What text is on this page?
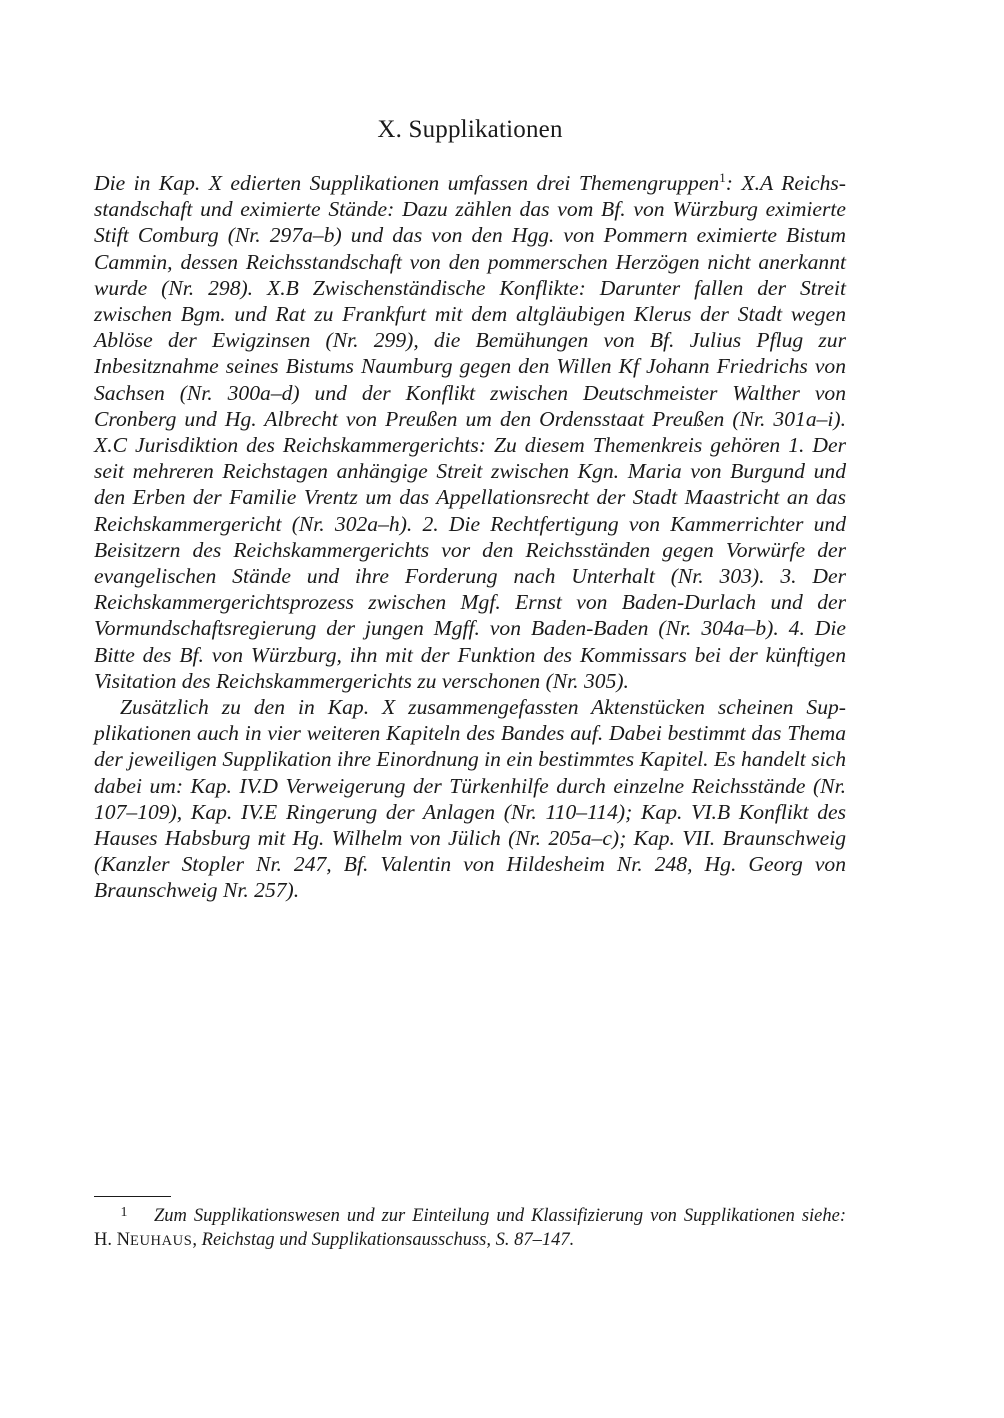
X. Supplikationen

Die in Kap. X edierten Supplikationen umfassen drei Themengruppen$^1$: X.A Reichsstandschaft und eximierte Stände: Dazu zählen das vom Bf. von Würzburg eximierte Stift Comburg (Nr. 297a–b) und das von den Hgg. von Pommern eximierte Bistum Cammin, dessen Reichsstandschaft von den pommerschen Herzögen nicht anerkannt wurde (Nr. 298). X.B Zwischenständische Konflikte: Darunter fallen der Streit zwischen Bgm. und Rat zu Frankfurt mit dem altgläubigen Klerus der Stadt wegen Ablöse der Ewigzinsen (Nr. 299), die Bemühungen von Bf. Julius Pflug zur Inbesitznahme seines Bistums Naumburg gegen den Willen Kf Johann Friedrichs von Sachsen (Nr. 300a–d) und der Konflikt zwischen Deutschmeister Walther von Cronberg und Hg. Albrecht von Preußen um den Ordensstaat Preußen (Nr. 301a–i). X.C Jurisdiktion des Reichskammergerichts: Zu diesem Themenkreis gehören 1. Der seit mehreren Reichstagen anhängige Streit zwischen Kgn. Maria von Burgund und den Erben der Familie Vrentz um das Appellationsrecht der Stadt Maastricht an das Reichskammergericht (Nr. 302a–h). 2. Die Rechtfertigung von Kammerrichter und Beisitzern des Reichskammergerichts vor den Reichsständen gegen Vorwürfe der evangelischen Stände und ihre Forderung nach Unterhalt (Nr. 303). 3. Der Reichskammergerichtsprozess zwischen Mgf. Ernst von Baden-Durlach und der Vormundschaftsregierung der jungen Mgff. von Baden-Baden (Nr. 304a–b). 4. Die Bitte des Bf. von Würzburg, ihn mit der Funktion des Kommissars bei der künftigen Visitation des Reichskammergerichts zu verschonen (Nr. 305).

Zusätzlich zu den in Kap. X zusammengefassten Aktenstücken scheinen Supplikationen auch in vier weiteren Kapiteln des Bandes auf. Dabei bestimmt das Thema der jeweiligen Supplikation ihre Einordnung in ein bestimmtes Kapitel. Es handelt sich dabei um: Kap. IV.D Verweigerung der Türkenhilfe durch einzelne Reichsstände (Nr. 107–109), Kap. IV.E Ringerung der Anlagen (Nr. 110–114); Kap. VI.B Konflikt des Hauses Habsburg mit Hg. Wilhelm von Jülich (Nr. 205a–c); Kap. VII. Braunschweig (Kanzler Stopler Nr. 247, Bf. Valentin von Hildesheim Nr. 248, Hg. Georg von Braunschweig Nr. 257).

1 Zum Supplikationswesen und zur Einteilung und Klassifizierung von Supplikationen siehe: H. NEUHAUS, Reichstag und Supplikationsausschuss, S. 87–147.
